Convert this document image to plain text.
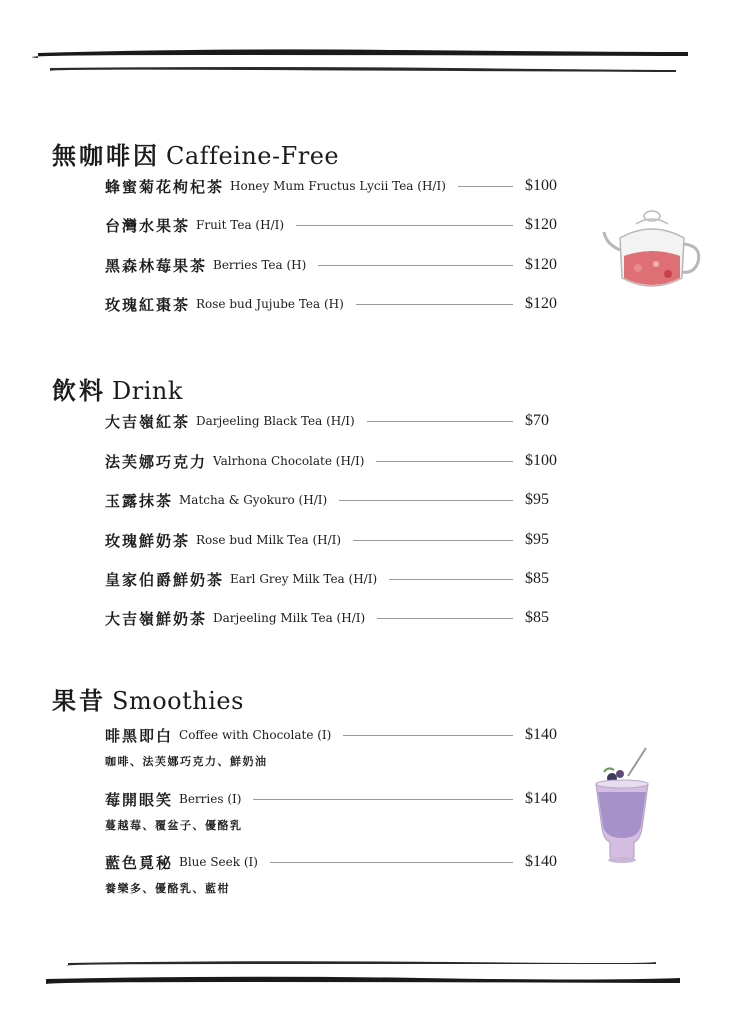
無咖啡因 Caffeine-Free
蜂蜜菊花枸杞茶 Honey Mum Fructus Lycii Tea (H/I)	$100
台灣水果茶 Fruit Tea (H/I)	$120
黑森林莓果茶 Berries Tea (H)	$120
玫瑰紅棗茶 Rose bud Jujube Tea (H)	$120
飲料 Drink
大吉嶺紅茶 Darjeeling Black Tea (H/I)	$70
法芙娜巧克力 Valrhona Chocolate (H/I)	$100
玉露抹茶 Matcha & Gyokuro (H/I)	$95
玫瑰鮮奶茶 Rose bud Milk Tea (H/I)	$95
皇家伯爵鮮奶茶 Earl Grey Milk Tea (H/I)	$85
大吉嶺鮮奶茶 Darjeeling Milk Tea (H/I)	$85
果昔 Smoothies
啡黑即白 Coffee with Chocolate (I)	$140
咖啡、法芙娜巧克力、鮮奶油
莓開眼笑 Berries (I)	$140
蔓越莓、覆盆子、優酪乳
藍色覓秘 Blue Seek (I)	$140
養樂多、優酪乳、藍柑
